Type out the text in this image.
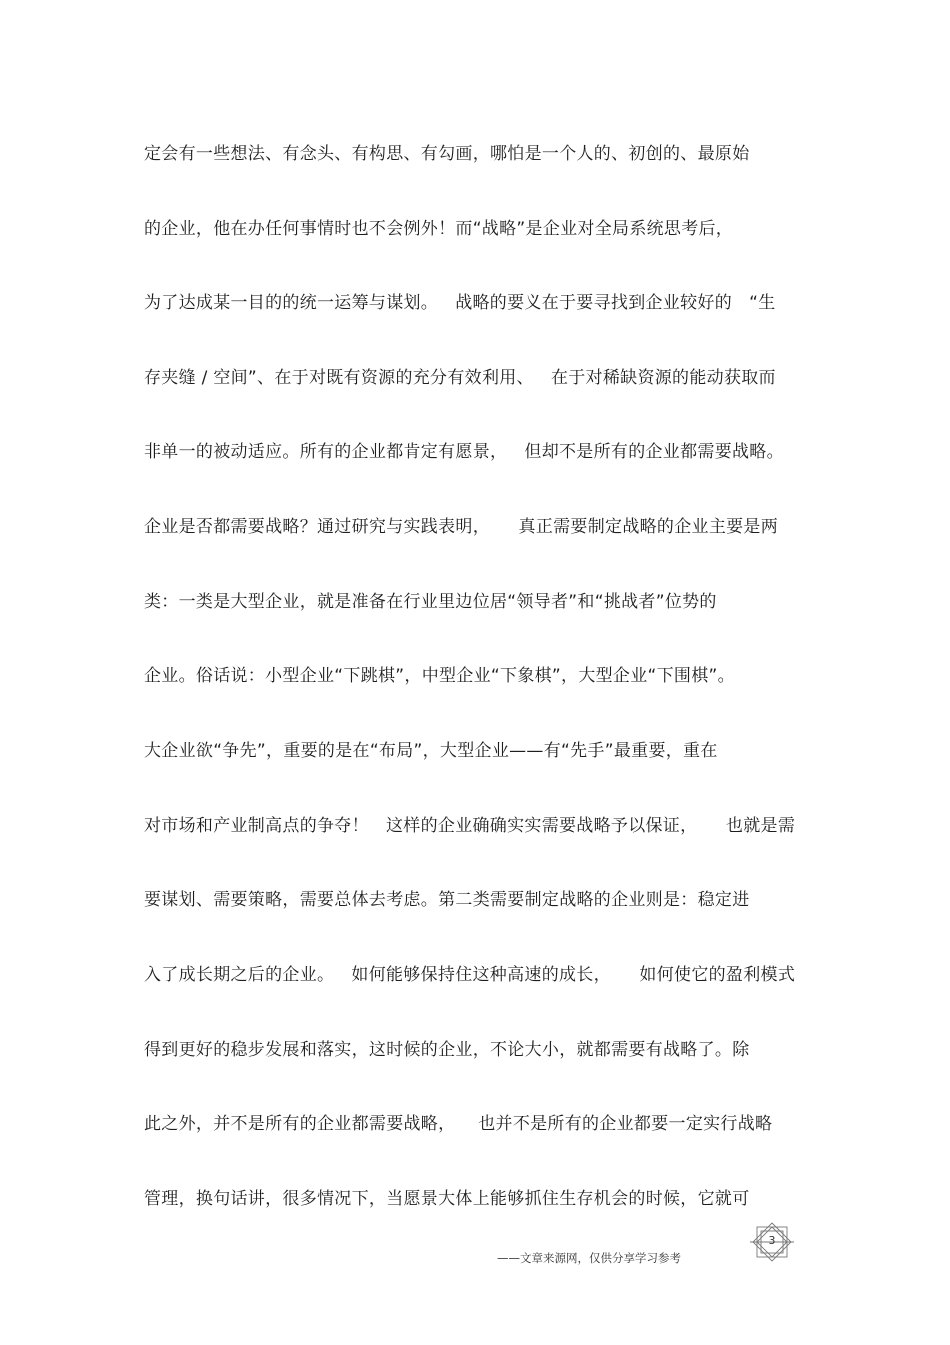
定会有一些想法、有念头、有构思、有勾画，哪怕是一个人的、初创的、最原始
的企业，他在办任何事情时也不会例外！而“战略”是企业对全局系统思考后，
为了达成某一目的的统一运筹与谋划。   战略的要义在于要寻找到企业较好的   “生
存夹缝 / 空间”、在于对既有资源的充分有效利用、   在于对稀缺资源的能动获取而
非单一的被动适应。所有的企业都肯定有愿景，   但却不是所有的企业都需要战略。
企业是否都需要战略？通过研究与实践表明，     真正需要制定战略的企业主要是两
类：一类是大型企业，就是准备在行业里边位居“领导者”和“挑战者”位势的
企业。俗话说：小型企业“下跳棋”，中型企业“下象棋”，大型企业“下围棋”。
大企业欲“争先”，重要的是在“布局”，大型企业——有“先手”最重要，重在
对市场和产业制高点的争夺！   这样的企业确确实实需要战略予以保证，     也就是需
要谋划、需要策略，需要总体去考虑。第二类需要制定战略的企业则是：稳定进
入了成长期之后的企业。   如何能够保持住这种高速的成长，     如何使它的盈利模式
得到更好的稳步发展和落实，这时候的企业，不论大小，就都需要有战略了。除
此之外，并不是所有的企业都需要战略，    也并不是所有的企业都要一定实行战略
管理，换句话讲，很多情况下，当愿景大体上能够抓住生存机会的时候，它就可
3
——文章来源网，仅供分享学习参考
